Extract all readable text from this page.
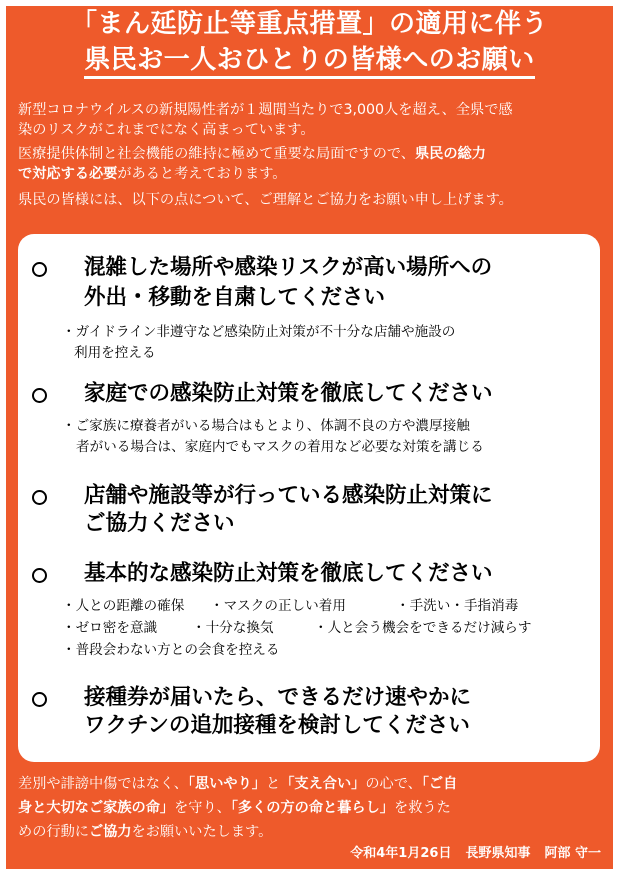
「まん延防止等重点措置」の適用に伴う
県民お一人おひとりの皆様へのお願い
新型コロナウイルスの新規陽性者が１週間当たりで3,000人を超え、全県で感
染のリスクがこれまでになく高まっています。
医療提供体制と社会機能の維持に極めて重要な局面ですので、県民の総力
で対応する必要があると考えております。
県民の皆様には、以下の点について、ご理解とご協力をお願い申し上げます。
混雑した場所や感染リスクが高い場所への
外出・移動を自粛してください
・ガイドライン非遵守など感染防止対策が不十分な店舗や施設の
利用を控える
家庭での感染防止対策を徹底してください
・ご家族に療養者がいる場合はもとより、体調不良の方や濃厚接触
者がいる場合は、家庭内でもマスクの着用など必要な対策を講じる
店舗や施設等が行っている感染防止対策に
ご協力ください
基本的な感染防止対策を徹底してください
・人との距離の確保 ・マスクの正しい着用	・手洗い・手指消毒
・ゼロ密を意識	・十分な換気	・人と会う機会をできるだけ減らす
・普段会わない方との会食を控える
接種券が届いたら、できるだけ速やかに
ワクチンの追加接種を検討してください
差別や誹謗中傷ではなく、「思いやり」と「支え合い」の心で、「ご自
身と大切なご家族の命」を守り、「多くの方の命と暮らし」を救うた
めの行動にご協力をお願いいたします。
令和4年1月26日 長野県知事 阿部 守一
